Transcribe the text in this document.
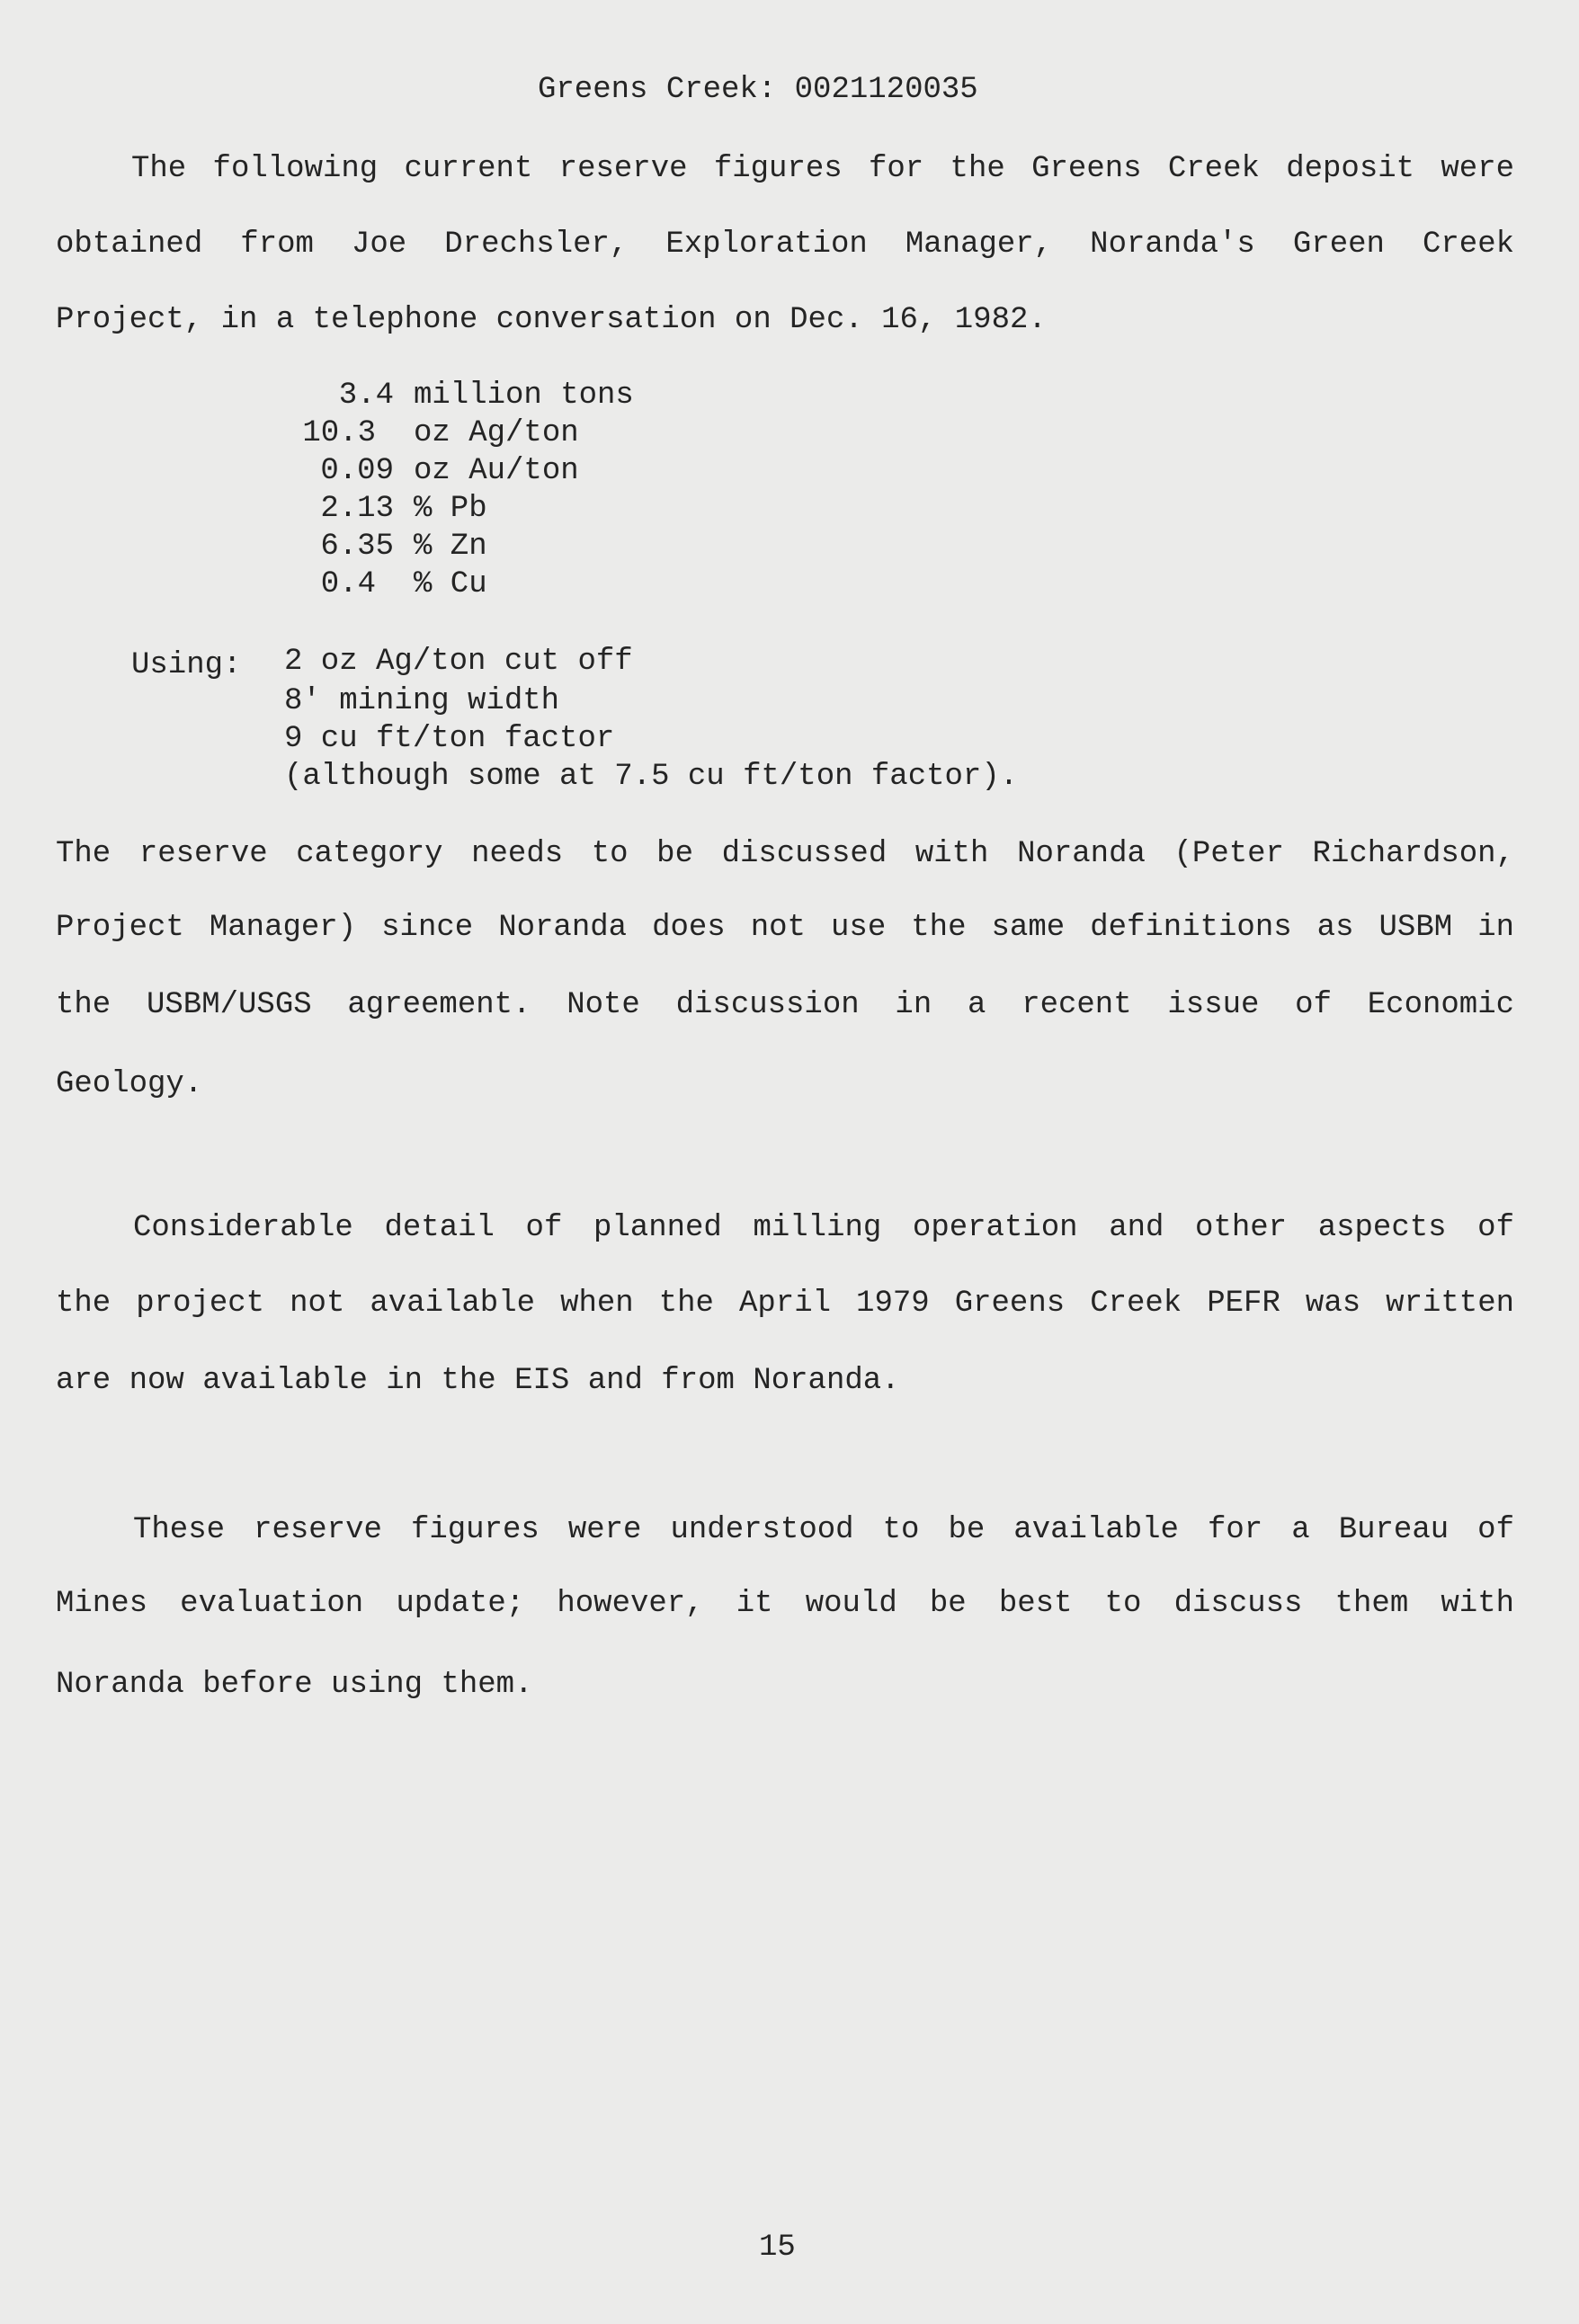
Greens Creek: 0021120035
The following current reserve figures for the Greens Creek deposit were
obtained from Joe Drechsler, Exploration Manager, Noranda's Green Creek
Project, in a telephone conversation on Dec. 16, 1982.
3.4 million tons
10.3 oz Ag/ton
0.09 oz Au/ton
2.13 % Pb
6.35 % Zn
0.4 % Cu
Using: 2 oz Ag/ton cut off
8' mining width
9 cu ft/ton factor
(although some at 7.5 cu ft/ton factor).
The reserve category needs to be discussed with Noranda (Peter Richardson,
Project Manager) since Noranda does not use the same definitions as USBM in
the USBM/USGS agreement. Note discussion in a recent issue of Economic
Geology.
Considerable detail of planned milling operation and other aspects of
the project not available when the April 1979 Greens Creek PEFR was written
are now available in the EIS and from Noranda.
These reserve figures were understood to be available for a Bureau of
Mines evaluation update; however, it would be best to discuss them with
Noranda before using them.
15
